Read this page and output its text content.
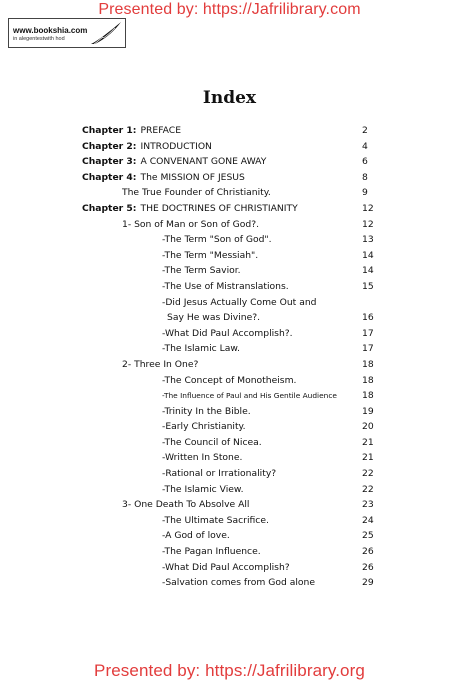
Presented by: https://Jafrilibrary.com
www.bookshia.com
in alegentestwith hod
Index
Chapter 1: PREFACE	2
Chapter 2: INTRODUCTION	4
Chapter 3: A CONVENANT GONE AWAY	6
Chapter 4: The MISSION OF JESUS	8
The True Founder of Christianity.	9
Chapter 5: THE DOCTRINES OF CHRISTIANITY	12
1- Son of Man or Son of God?.	12
-The Term "Son of God".	13
-The Term "Messiah".	14
-The Term Savior.	14
-The Use of Mistranslations.	15
-Did Jesus Actually Come Out and
Say He was Divine?.	16
-What Did Paul Accomplish?.	17
-The Islamic Law.	17
2- Three In One?	18
-The Concept of Monotheism.	18
-The Influence of Paul and His Gentile Audience	18
-Trinity In the Bible.	19
-Early Christianity.	20
-The Council of Nicea.	21
-Written In Stone.	21
-Rational or Irrationality?	22
-The Islamic View.	22
3- One Death To Absolve All	23
-The Ultimate Sacrifice.	24
-A God of love.	25
-The Pagan Influence.	26
-What Did Paul Accomplish?	26
-Salvation comes from God alone	29
Presented by: https://Jafrilibrary.org
